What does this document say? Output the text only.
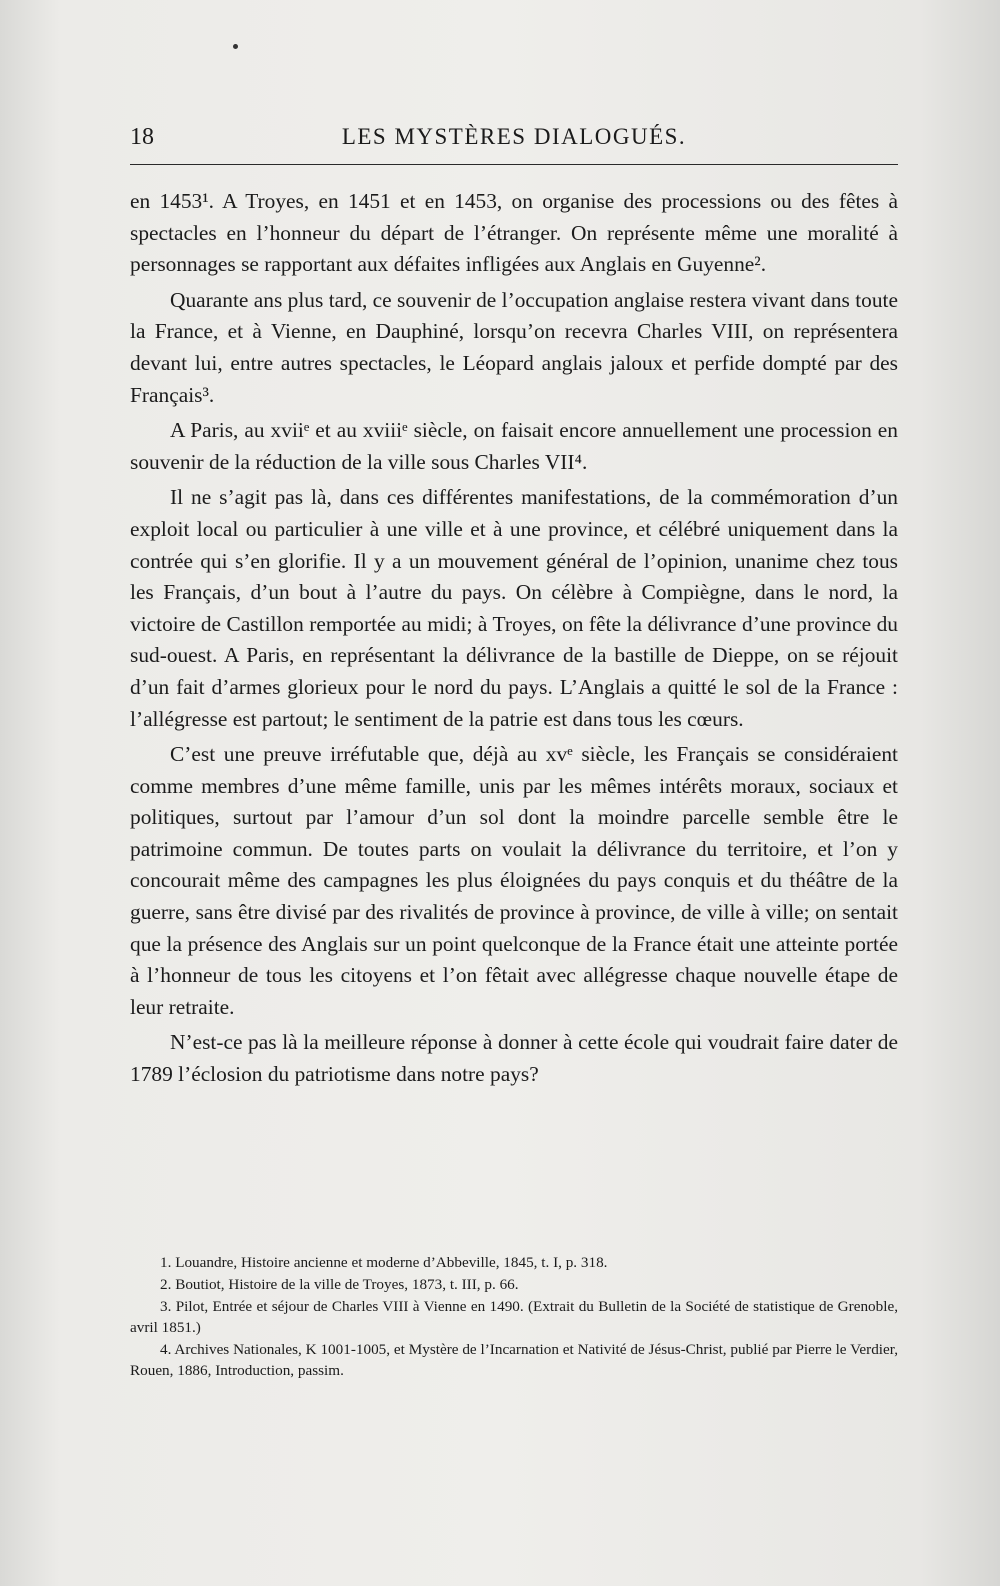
18	LES MYSTÈRES DIALOGUÉS.

en 1453¹. A Troyes, en 1451 et en 1453, on organise des processions ou des fêtes à spectacles en l’honneur du départ de l’étranger. On représente même une moralité à personnages se rapportant aux défaites infligées aux Anglais en Guyenne².

Quarante ans plus tard, ce souvenir de l’occupation anglaise restera vivant dans toute la France, et à Vienne, en Dauphiné, lorsqu’on recevra Charles VIII, on représentera devant lui, entre autres spectacles, le Léopard anglais jaloux et perfide dompté par des Français³.

A Paris, au xviiᵉ et au xviiiᵉ siècle, on faisait encore annuellement une procession en souvenir de la réduction de la ville sous Charles VII⁴.

Il ne s’agit pas là, dans ces différentes manifestations, de la commémoration d’un exploit local ou particulier à une ville et à une province, et célébré uniquement dans la contrée qui s’en glorifie. Il y a un mouvement général de l’opinion, unanime chez tous les Français, d’un bout à l’autre du pays. On célèbre à Compiègne, dans le nord, la victoire de Castillon remportée au midi; à Troyes, on fête la délivrance d’une province du sud-ouest. A Paris, en représentant la délivrance de la bastille de Dieppe, on se réjouit d’un fait d’armes glorieux pour le nord du pays. L’Anglais a quitté le sol de la France : l’allégresse est partout; le sentiment de la patrie est dans tous les cœurs.

C’est une preuve irréfutable que, déjà au xvᵉ siècle, les Français se considéraient comme membres d’une même famille, unis par les mêmes intérêts moraux, sociaux et politiques, surtout par l’amour d’un sol dont la moindre parcelle semble être le patrimoine commun. De toutes parts on voulait la délivrance du territoire, et l’on y concourait même des campagnes les plus éloignées du pays conquis et du théâtre de la guerre, sans être divisé par des rivalités de province à province, de ville à ville; on sentait que la présence des Anglais sur un point quelconque de la France était une atteinte portée à l’honneur de tous les citoyens et l’on fêtait avec allégresse chaque nouvelle étape de leur retraite.

N’est-ce pas là la meilleure réponse à donner à cette école qui voudrait faire dater de 1789 l’éclosion du patriotisme dans notre pays?

1. Louandre, Histoire ancienne et moderne d’Abbeville, 1845, t. I, p. 318.

2. Boutiot, Histoire de la ville de Troyes, 1873, t. III, p. 66.

3. Pilot, Entrée et séjour de Charles VIII à Vienne en 1490. (Extrait du Bulletin de la Société de statistique de Grenoble, avril 1851.)

4. Archives Nationales, K 1001-1005, et Mystère de l’Incarnation et Nativité de Jésus-Christ, publié par Pierre le Verdier, Rouen, 1886, Introduction, passim.
